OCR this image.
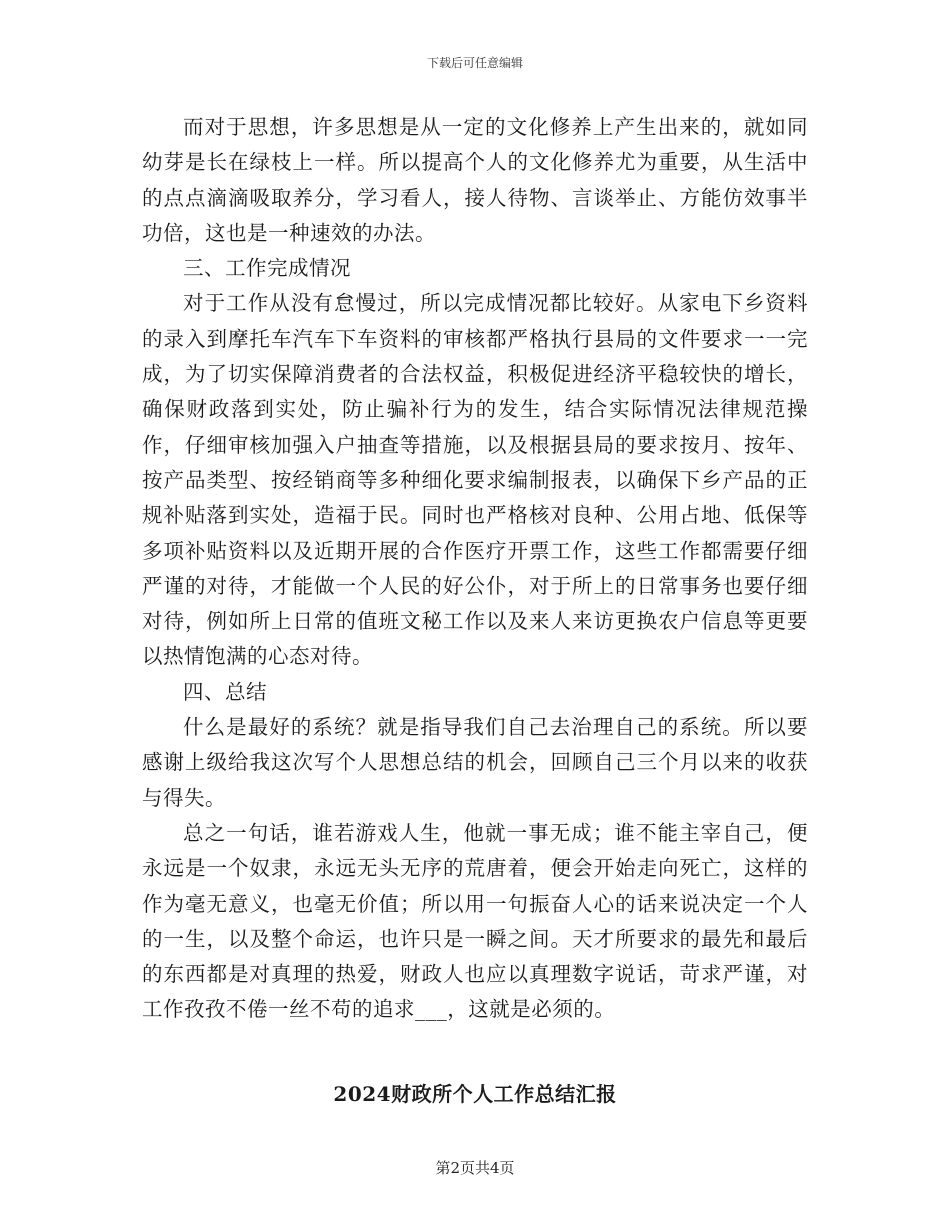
下载后可任意编辑

而对于思想，许多思想是从一定的文化修养上产生出来的，就如同幼芽是长在绿枝上一样。所以提高个人的文化修养尤为重要，从生活中的点点滴滴吸取养分，学习看人，接人待物、言谈举止、方能仿效事半功倍，这也是一种速效的办法。

三、工作完成情况

对于工作从没有怠慢过，所以完成情况都比较好。从家电下乡资料的录入到摩托车汽车下车资料的审核都严格执行县局的文件要求一一完成，为了切实保障消费者的合法权益，积极促进经济平稳较快的增长，确保财政落到实处，防止骗补行为的发生，结合实际情况法律规范操作，仔细审核加强入户抽查等措施，以及根据县局的要求按月、按年、按产品类型、按经销商等多种细化要求编制报表，以确保下乡产品的正规补贴落到实处，造福于民。同时也严格核对良种、公用占地、低保等多项补贴资料以及近期开展的合作医疗开票工作，这些工作都需要仔细严谨的对待，才能做一个人民的好公仆，对于所上的日常事务也要仔细对待，例如所上日常的值班文秘工作以及来人来访更换农户信息等更要以热情饱满的心态对待。

四、总结

什么是最好的系统？就是指导我们自己去治理自己的系统。所以要感谢上级给我这次写个人思想总结的机会，回顾自己三个月以来的收获与得失。

总之一句话，谁若游戏人生，他就一事无成；谁不能主宰自己，便永远是一个奴隶，永远无头无序的荒唐着，便会开始走向死亡，这样的作为毫无意义，也毫无价值；所以用一句振奋人心的话来说决定一个人的一生，以及整个命运，也许只是一瞬之间。天才所要求的最先和最后的东西都是对真理的热爱，财政人也应以真理数字说话，苛求严谨，对工作孜孜不倦一丝不苟的追求___，这就是必须的。

2024财政所个人工作总结汇报
第2页共4页
